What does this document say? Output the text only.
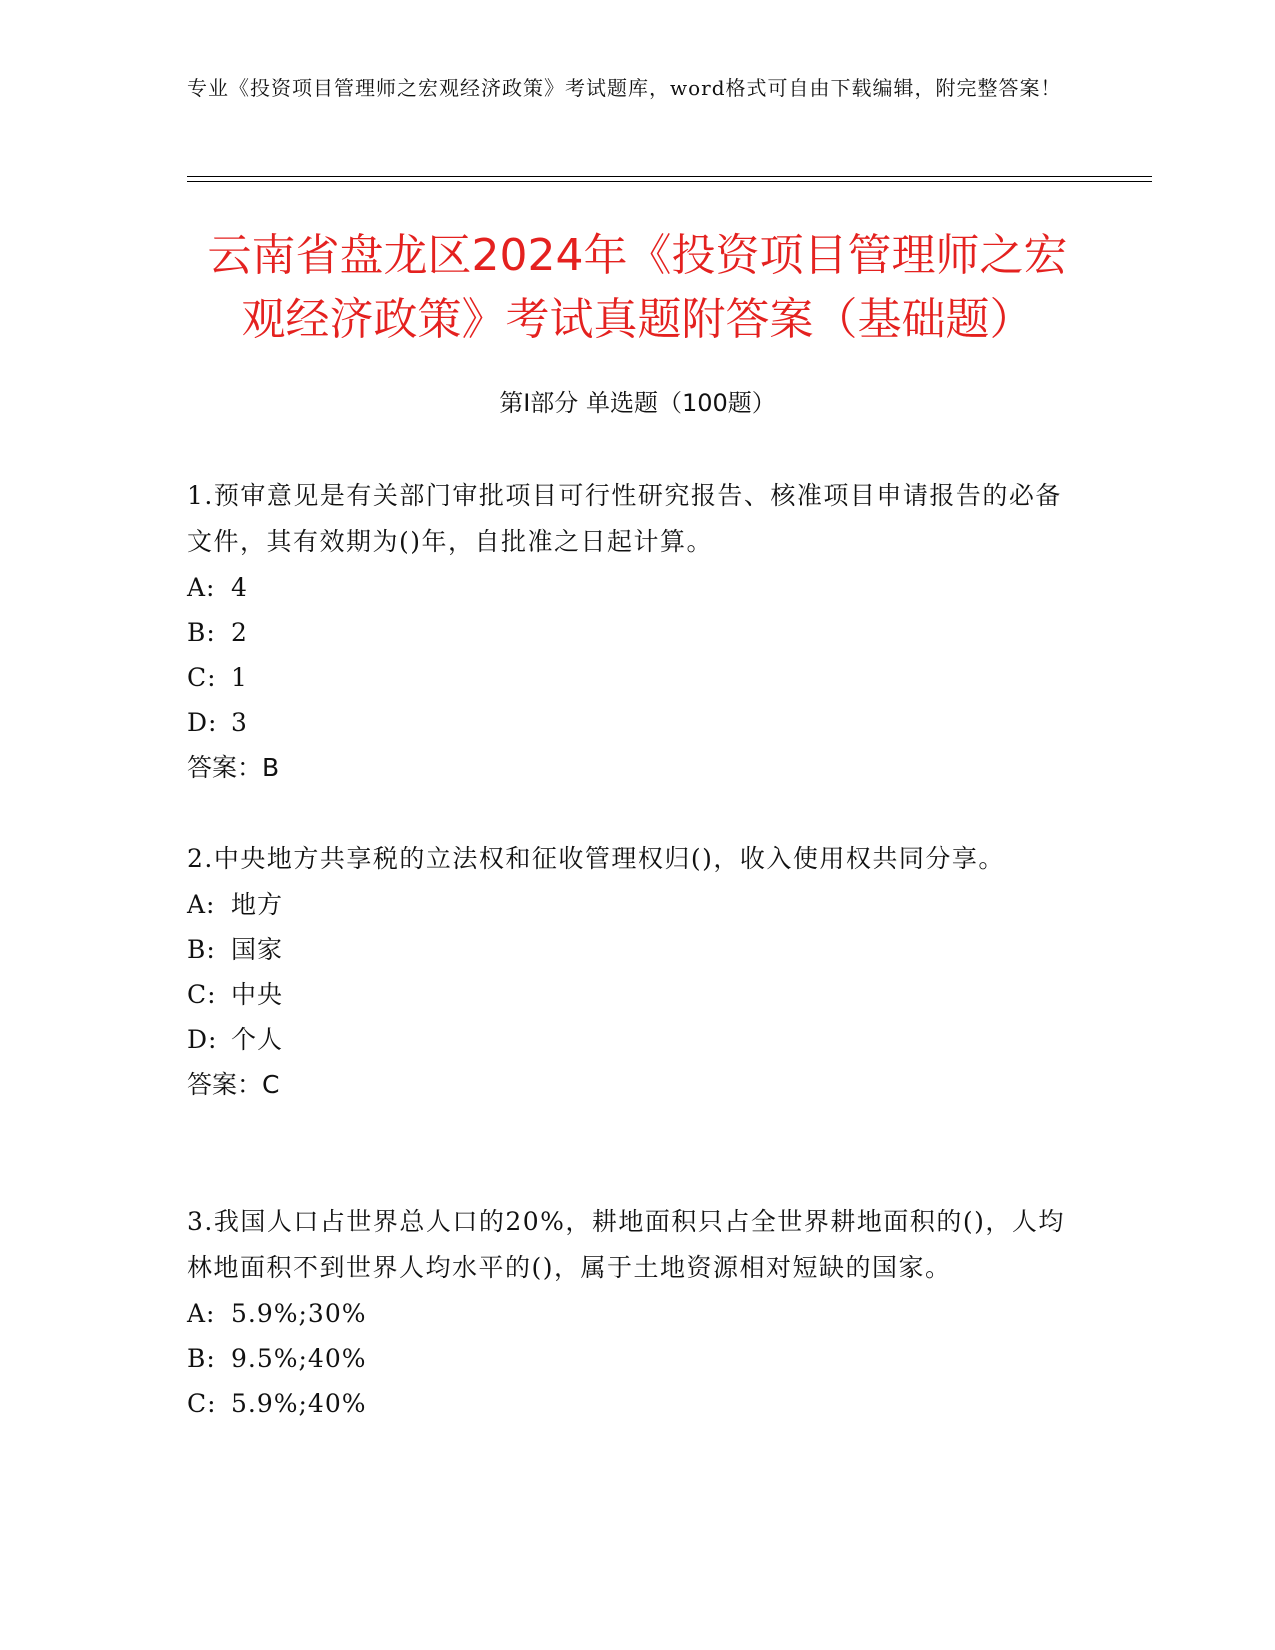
专业《投资项目管理师之宏观经济政策》考试题库，word格式可自由下载编辑，附完整答案！
云南省盘龙区2024年《投资项目管理师之宏
观经济政策》考试真题附答案（基础题）
第Ⅰ部分 单选题（100题）
1.预审意见是有关部门审批项目可行性研究报告、核准项目申请报告的必备文件，其有效期为()年，自批准之日起计算。
A: 4
B: 2
C: 1
D: 3
答案：B
2.中央地方共享税的立法权和征收管理权归()，收入使用权共同分享。
A: 地方
B: 国家
C: 中央
D: 个人
答案：C
3.我国人口占世界总人口的20%，耕地面积只占全世界耕地面积的()，人均林地面积不到世界人均水平的()，属于土地资源相对短缺的国家。
A: 5.9%;30%
B: 9.5%;40%
C: 5.9%;40%
